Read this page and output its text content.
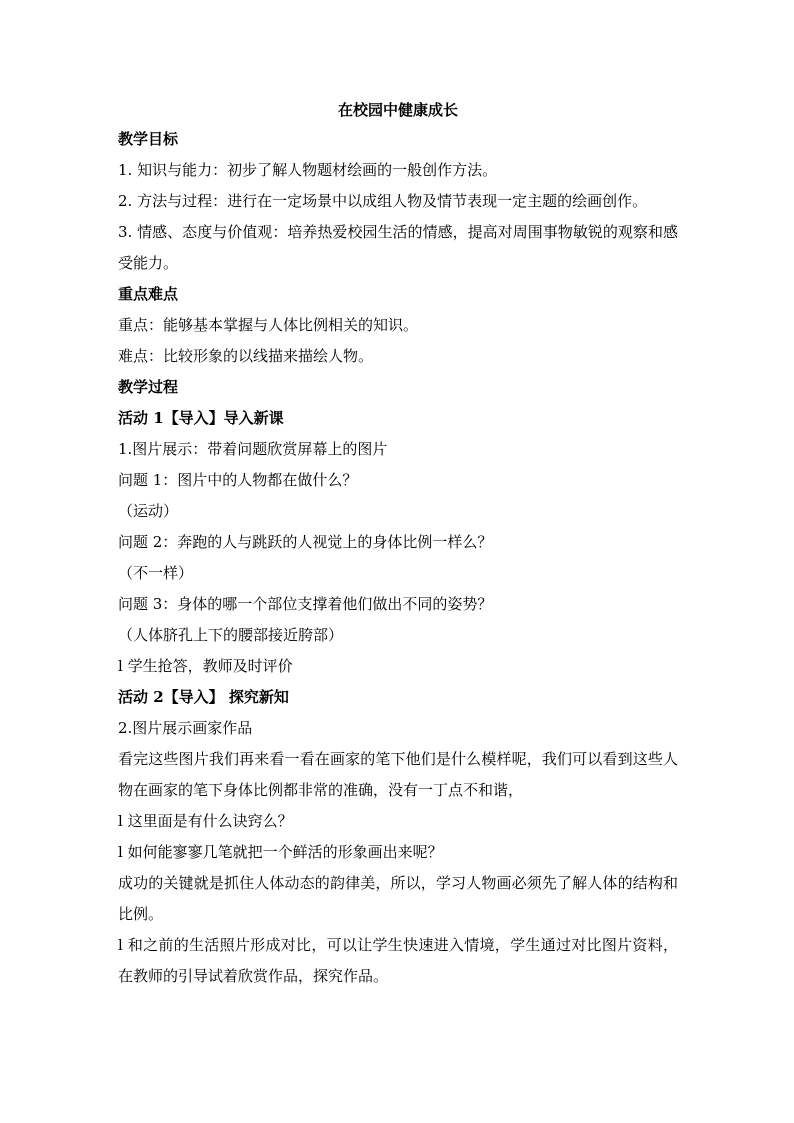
在校园中健康成长

教学目标

1. 知识与能力：初步了解人物题材绘画的一般创作方法。

2. 方法与过程：进行在一定场景中以成组人物及情节表现一定主题的绘画创作。

3. 情感、态度与价值观：培养热爱校园生活的情感，提高对周围事物敏锐的观察和感受能力。

重点难点

重点：能够基本掌握与人体比例相关的知识。

难点：比较形象的以线描来描绘人物。

教学过程

活动 1【导入】导入新课

1.图片展示：带着问题欣赏屏幕上的图片

问题 1：图片中的人物都在做什么？

（运动）

问题 2：奔跑的人与跳跃的人视觉上的身体比例一样么？

（不一样）

问题 3：身体的哪一个部位支撑着他们做出不同的姿势？

（人体脐孔上下的腰部接近胯部）

l 学生抢答，教师及时评价

活动 2【导入】 探究新知

2.图片展示画家作品

看完这些图片我们再来看一看在画家的笔下他们是什么模样呢，我们可以看到这些人物在画家的笔下身体比例都非常的准确，没有一丁点不和谐，

l 这里面是有什么诀窍么？

l 如何能寥寥几笔就把一个鲜活的形象画出来呢？

成功的关键就是抓住人体动态的韵律美，所以，学习人物画必须先了解人体的结构和比例。

l 和之前的生活照片形成对比，可以让学生快速进入情境，学生通过对比图片资料，在教师的引导试着欣赏作品，探究作品。
